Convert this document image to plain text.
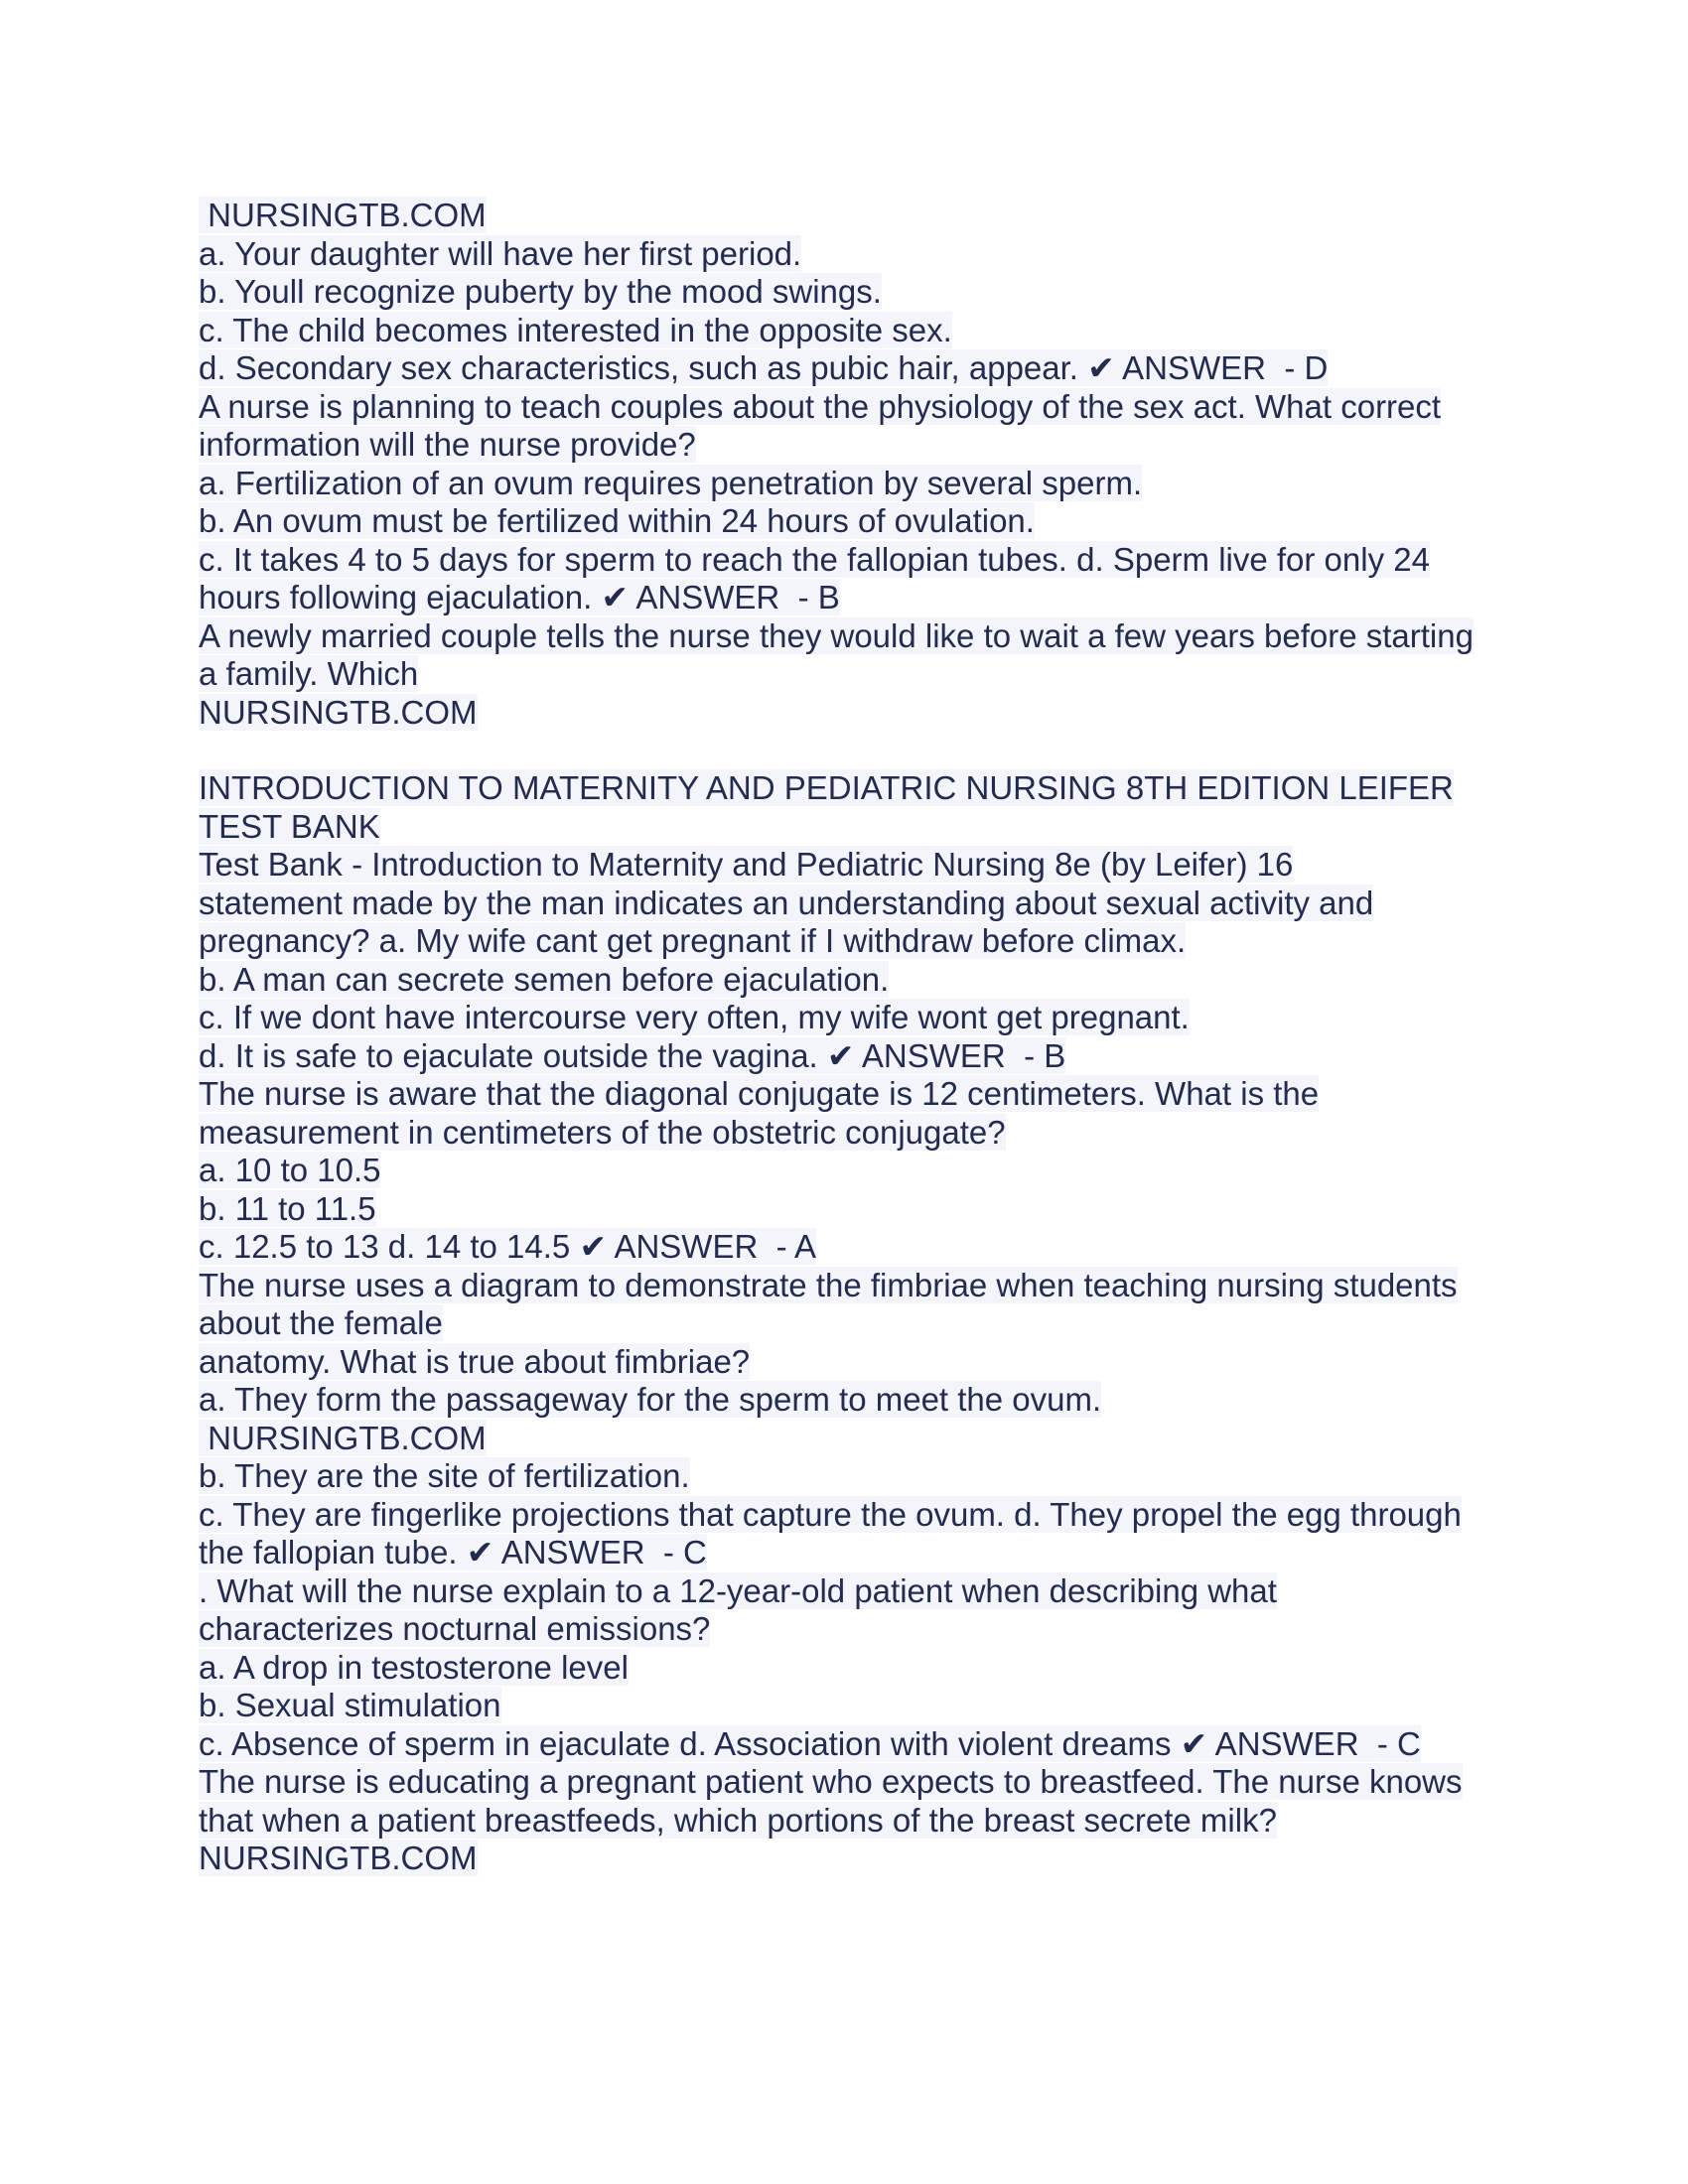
NURSINGTB.COM
a. Your daughter will have her first period.
b. Youll recognize puberty by the mood swings.
c. The child becomes interested in the opposite sex.
d. Secondary sex characteristics, such as pubic hair, appear. ✔ ANSWER  - D
A nurse is planning to teach couples about the physiology of the sex act. What correct
information will the nurse provide?
a. Fertilization of an ovum requires penetration by several sperm.
b. An ovum must be fertilized within 24 hours of ovulation.
c. It takes 4 to 5 days for sperm to reach the fallopian tubes. d. Sperm live for only 24
hours following ejaculation. ✔ ANSWER  - B
A newly married couple tells the nurse they would like to wait a few years before starting
a family. Which
NURSINGTB.COM
INTRODUCTION TO MATERNITY AND PEDIATRIC NURSING 8TH EDITION LEIFER
TEST BANK
Test Bank - Introduction to Maternity and Pediatric Nursing 8e (by Leifer) 16
statement made by the man indicates an understanding about sexual activity and
pregnancy? a. My wife cant get pregnant if I withdraw before climax.
b. A man can secrete semen before ejaculation.
c. If we dont have intercourse very often, my wife wont get pregnant.
d. It is safe to ejaculate outside the vagina. ✔ ANSWER  - B
The nurse is aware that the diagonal conjugate is 12 centimeters. What is the
measurement in centimeters of the obstetric conjugate?
a. 10 to 10.5
b. 11 to 11.5
c. 12.5 to 13 d. 14 to 14.5 ✔ ANSWER  - A
The nurse uses a diagram to demonstrate the fimbriae when teaching nursing students
about the female
anatomy. What is true about fimbriae?
a. They form the passageway for the sperm to meet the ovum.
NURSINGTB.COM
b. They are the site of fertilization.
c. They are fingerlike projections that capture the ovum. d. They propel the egg through
the fallopian tube. ✔ ANSWER  - C
. What will the nurse explain to a 12-year-old patient when describing what
characterizes nocturnal emissions?
a. A drop in testosterone level
b. Sexual stimulation
c. Absence of sperm in ejaculate d. Association with violent dreams ✔ ANSWER  - C
The nurse is educating a pregnant patient who expects to breastfeed. The nurse knows
that when a patient breastfeeds, which portions of the breast secrete milk?
NURSINGTB.COM
